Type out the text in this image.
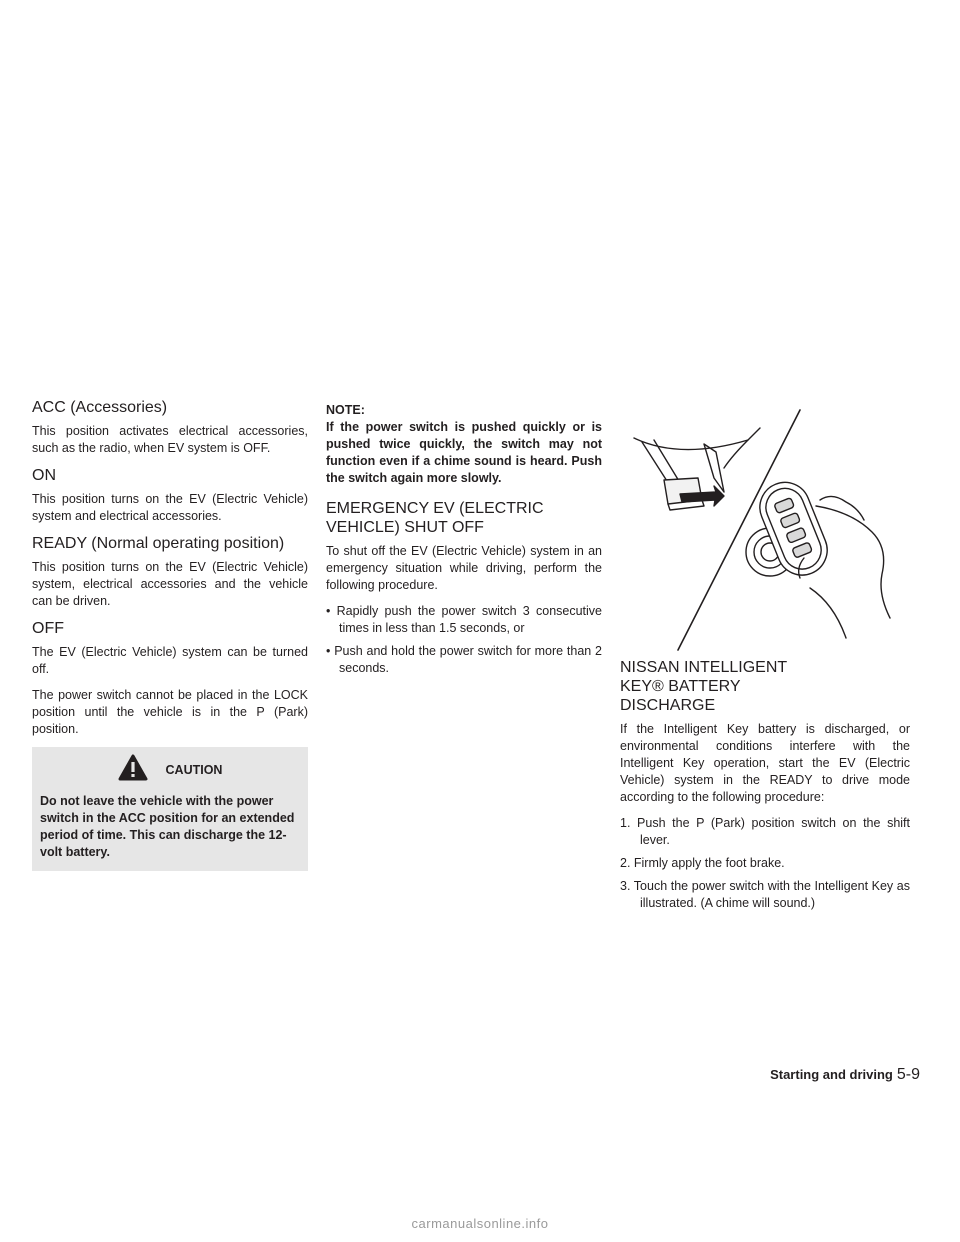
ACC (Accessories)

This position activates electrical accessories, such as the radio, when EV system is OFF.

ON

This position turns on the EV (Electric Vehicle) system and electrical accessories.

READY (Normal operating position)

This position turns on the EV (Electric Vehicle) system, electrical accessories and the vehicle can be driven.

OFF

The EV (Electric Vehicle) system can be turned off.

The power switch cannot be placed in the LOCK position until the vehicle is in the P (Park) position.

CAUTION

Do not leave the vehicle with the power switch in the ACC position for an extended period of time. This can discharge the 12-volt battery.

NOTE:

If the power switch is pushed quickly or is pushed twice quickly, the switch may not function even if a chime sound is heard. Push the switch again more slowly.

EMERGENCY EV (ELECTRIC VEHICLE) SHUT OFF

To shut off the EV (Electric Vehicle) system in an emergency situation while driving, perform the following procedure.

• Rapidly push the power switch 3 consecutive times in less than 1.5 seconds, or
• Push and hold the power switch for more than 2 seconds.	NISSAN INTELLIGENT KEY® BATTERY DISCHARGE

If the Intelligent Key battery is discharged, or environmental conditions interfere with the Intelligent Key operation, start the EV (Electric Vehicle) system in the READY to drive mode according to the following procedure:

1. Push the P (Park) position switch on the shift lever.
2. Firmly apply the foot brake.
3. Touch the power switch with the Intelligent Key as illustrated. (A chime will sound.)
Starting and driving 5-9
carmanualsonline.info
